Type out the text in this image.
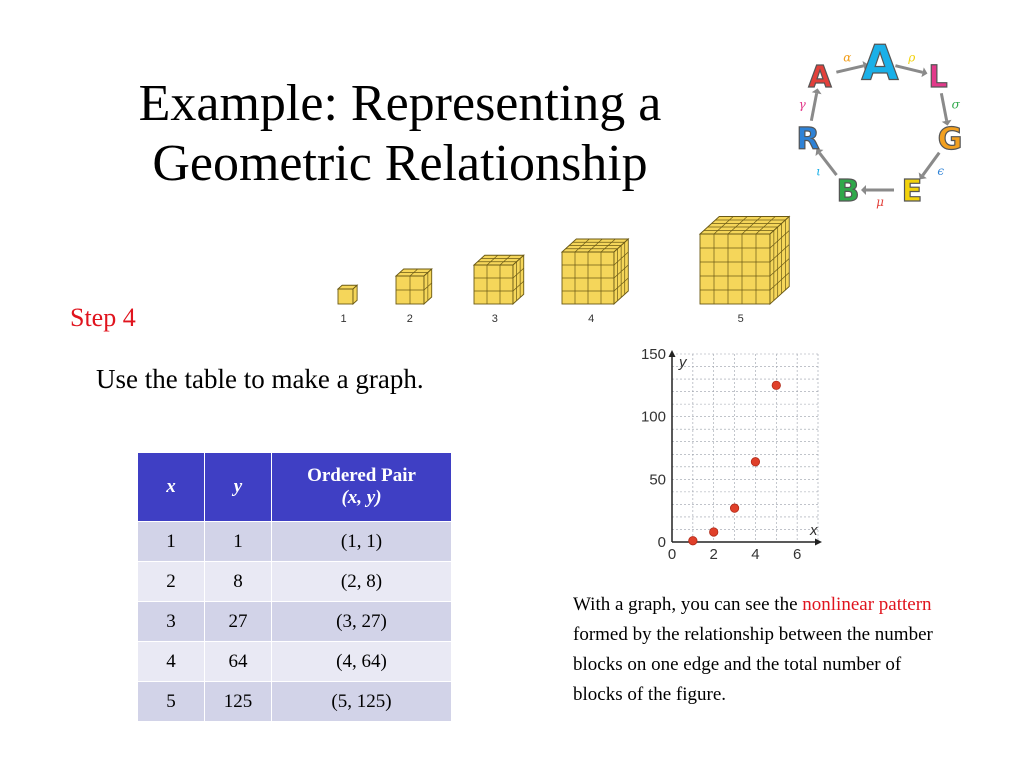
Example: Representing a Geometric Relationship
ρ
σ
ϵ
μ
ι
γ
α A L
G
E
B
R
A
1	2	3	4	5
Step 4
Use the table to make a graph.
x	y	Ordered Pair
(x, y)
1	1	(1, 1)
2	8	(2, 8)
3	27	(3, 27)
4	64	(4, 64)
5	125	(5, 125)
0 2 4 6
0
50
100
150
x
y
With a graph, you can see the nonlinear pattern formed by the relationship between the number blocks on one edge and the total number of blocks of the figure.
